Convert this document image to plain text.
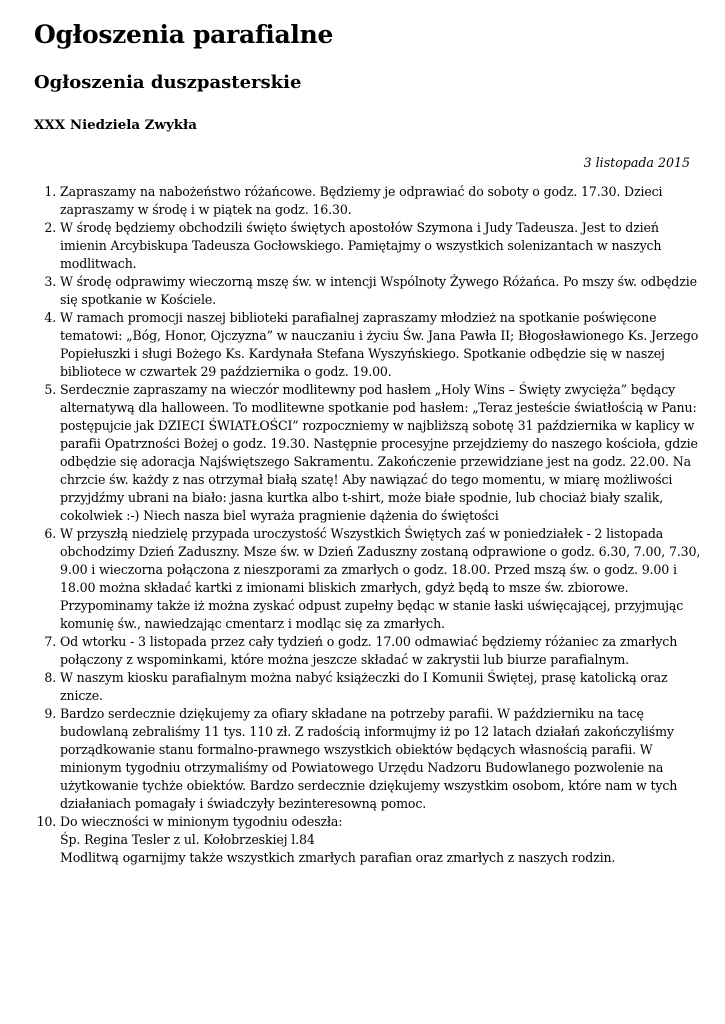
Ogłoszenia parafialne
Ogłoszenia duszpasterskie
XXX Niedziela Zwykła
3 listopada 2015
1. Zapraszamy na nabożeństwo różańcowe. Będziemy je odprawiać do soboty o godz. 17.30. Dzieci
zapraszamy w środę i w piątek na godz. 16.30.
2. W środę będziemy obchodzili święto świętych apostołów Szymona i Judy Tadeusza. Jest to dzień
imienin Arcybiskupa Tadeusza Gocłowskiego. Pamiętajmy o wszystkich solenizantach w naszych
modlitwach.
3. W środę odprawimy wieczorną mszę św. w intencji Wspólnoty Żywego Różańca. Po mszy św. odbędzie
się spotkanie w Kościele.
4. W ramach promocji naszej biblioteki parafialnej zapraszamy młodzież na spotkanie poświęcone
tematowi: „Bóg, Honor, Ojczyzna” w nauczaniu i życiu Św. Jana Pawła II; Błogosławionego Ks. Jerzego
Popiełuszki i sługi Bożego Ks. Kardynała Stefana Wyszyńskiego. Spotkanie odbędzie się w naszej
bibliotece w czwartek 29 października o godz. 19.00.
5. Serdecznie zapraszamy na wieczór modlitewny pod hasłem „Holy Wins – Święty zwycięża” będący
alternatywą dla halloween. To modlitewne spotkanie pod hasłem: „Teraz jesteście światłością w Panu:
postępujcie jak DZIECI ŚWIATŁOŚCI” rozpoczniemy w najbliższą sobotę 31 października w kaplicy w
parafii Opatrzności Bożej o godz. 19.30. Następnie procesyjne przejdziemy do naszego kościoła, gdzie
odbędzie się adoracja Najświętszego Sakramentu. Zakończenie przewidziane jest na godz. 22.00. Na
chrzcie św. każdy z nas otrzymał białą szatę! Aby nawiązać do tego momentu, w miarę możliwości
przyjdźmy ubrani na biało: jasna kurtka albo t-shirt, może białe spodnie, lub chociaż biały szalik,
cokolwiek :-) Niech nasza biel wyraża pragnienie dążenia do świętości
6. W przyszłą niedzielę przypada uroczystość Wszystkich Świętych zaś w poniedziałek - 2 listopada
obchodzimy Dzień Zaduszny. Msze św. w Dzień Zaduszny zostaną odprawione o godz. 6.30, 7.00, 7.30,
9.00 i wieczorna połączona z nieszporami za zmarłych o godz. 18.00. Przed mszą św. o godz. 9.00 i
18.00 można składać kartki z imionami bliskich zmarłych, gdyż będą to msze św. zbiorowe.
Przypominamy także iż można zyskać odpust zupełny będąc w stanie łaski uświęcającej, przyjmując
komunię św., nawiedzając cmentarz i modląc się za zmarłych.
7. Od wtorku - 3 listopada przez cały tydzień o godz. 17.00 odmawiać będziemy różaniec za zmarłych
połączony z wspominkami, które można jeszcze składać w zakrystii lub biurze parafialnym.
8. W naszym kiosku parafialnym można nabyć książeczki do I Komunii Świętej, prasę katolicką oraz
znicze.
9. Bardzo serdecznie dziękujemy za ofiary składane na potrzeby parafii. W październiku na tacę
budowlaną zebraliśmy 11 tys. 110 zł. Z radością informujmy iż po 12 latach działań zakończyliśmy
porządkowanie stanu formalno-prawnego wszystkich obiektów będących własnością parafii. W
minionym tygodniu otrzymaliśmy od Powiatowego Urzędu Nadzoru Budowlanego pozwolenie na
użytkowanie tychże obiektów. Bardzo serdecznie dziękujemy wszystkim osobom, które nam w tych
działaniach pomagały i świadczyły bezinteresowną pomoc.
10. Do wieczności w minionym tygodniu odeszła:
Śp. Regina Tesler z ul. Kołobrzeskiej l.84
Modlitwą ogarnijmy także wszystkich zmarłych parafian oraz zmarłych z naszych rodzin.
